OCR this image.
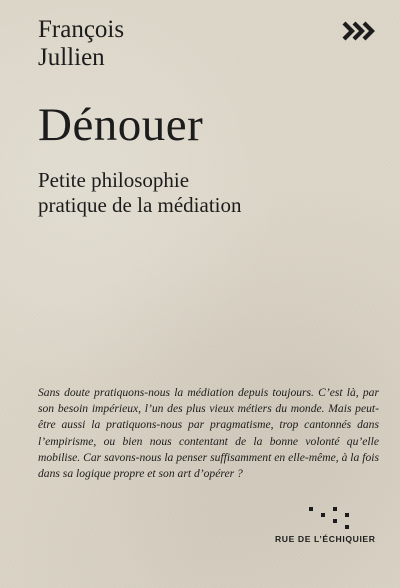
François
Jullien
Dénouer
Petite philosophie
pratique de la médiation

Sans doute pratiquons-nous la médiation depuis toujours. C’est là, par son besoin impérieux, l’un des plus vieux métiers du monde. Mais peut-être aussi la pratiquons-nous par pragmatisme, trop cantonnés dans l’empirisme, ou bien nous contentant de la bonne volonté qu’elle mobilise. Car savons-nous la penser suffisamment en elle-même, à la fois dans sa logique propre et son art d’opérer ?

RUE DE L’ÉCHIQUIER
